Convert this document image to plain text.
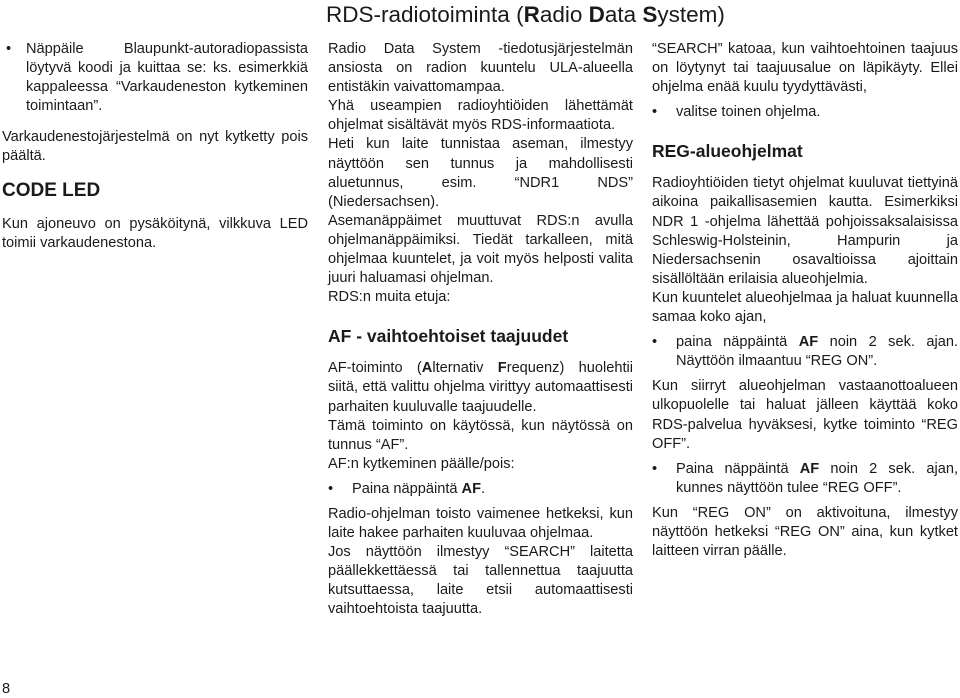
RDS-radiotoiminta (Radio Data System)

• Näppäile Blaupunkt-autoradiopassista löytyvä koodi ja kuittaa se: ks. esimerkkiä kappaleessa “Varkaudeneston kytkeminen toimintaan”.

Varkaudenestojärjestelmä on nyt kytketty pois päältä.

CODE LED

Kun ajoneuvo on pysäköitynä, vilkkuva LED toimii varkaudenestona.

Radio Data System -tiedotusjärjestelmän ansiosta on radion kuuntelu ULA-alueella entistäkin vaivattomampaa.

Yhä useampien radioyhtiöiden lähettämät ohjelmat sisältävät myös RDS-informaatiota.

Heti kun laite tunnistaa aseman, ilmestyy näyttöön sen tunnus ja mahdollisesti aluetunnus, esim. “NDR1 NDS” (Niedersachsen).

Asemanäppäimet muuttuvat RDS:n avulla ohjelmanäppäimiksi. Tiedät tarkalleen, mitä ohjelmaa kuuntelet, ja voit myös helposti valita juuri haluamasi ohjelman.

RDS:n muita etuja:

AF - vaihtoehtoiset taajuudet

AF-toiminto (Alternativ Frequenz) huolehtii siitä, että valittu ohjelma virittyy automaattisesti parhaiten kuuluvalle taajuudelle.

Tämä toiminto on käytössä, kun näytössä on tunnus “AF”.

AF:n kytkeminen päälle/pois:

• Paina näppäintä AF.

Radio-ohjelman toisto vaimenee hetkeksi, kun laite hakee parhaiten kuuluvaa ohjelmaa.

Jos näyttöön ilmestyy “SEARCH” laitetta päällekkettäessä tai tallennettua taajuutta kutsuttaessa, laite etsii automaattisesti vaihtoehtoista taajuutta.

“SEARCH” katoaa, kun vaihtoehtoinen taajuus on löytynyt tai taajuusalue on läpikäyty. Ellei ohjelma enää kuulu tyydyttävästi,

• valitse toinen ohjelma.

REG-alueohjelmat

Radioyhtiöiden tietyt ohjelmat kuuluvat tiettyinä aikoina paikallisasemien kautta. Esimerkiksi NDR 1 -ohjelma lähettää pohjoissaksalaisissa Schleswig-Holsteinin, Hampurin ja Niedersachsenin osavaltioissa ajoittain sisällöltään erilaisia alueohjelmia.

Kun kuuntelet alueohjelmaa ja haluat kuunnella samaa koko ajan,

• paina näppäintä AF noin 2 sek. ajan. Näyttöön ilmaantuu “REG ON”.

Kun siirryt alueohjelman vastaanottoalueen ulkopuolelle tai haluat jälleen käyttää koko RDS-palvelua hyväksesi, kytke toiminto “REG OFF”.

• Paina näppäintä AF noin 2 sek. ajan, kunnes näyttöön tulee “REG OFF”.

Kun “REG ON” on aktivoituna, ilmestyy näyttöön hetkeksi “REG ON” aina, kun kytket laitteen virran päälle.

8
